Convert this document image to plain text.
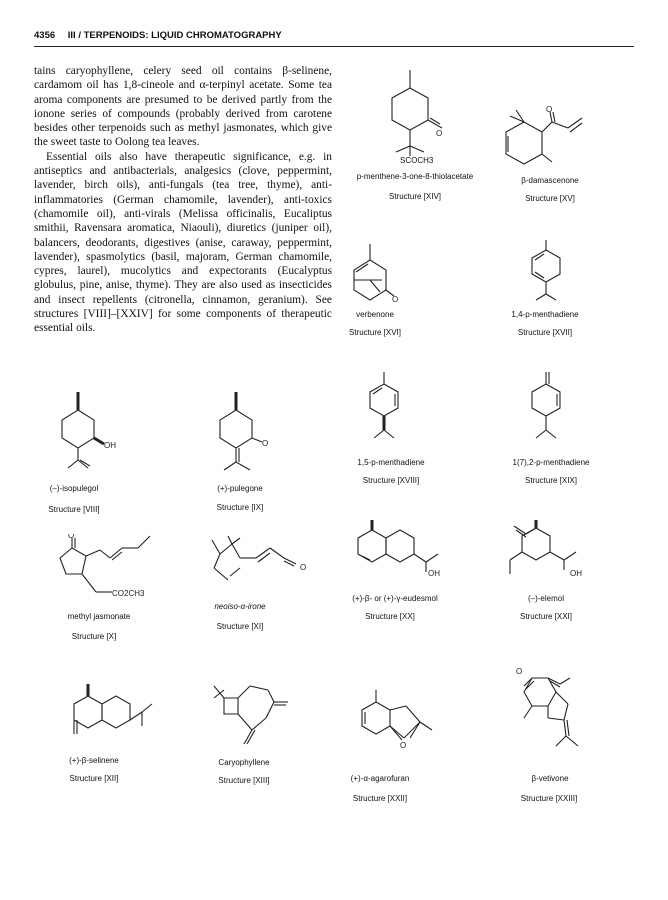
4356 III / TERPENOIDS: LIQUID CHROMATOGRAPHY

tains caryophyllene, celery seed oil contains β-selinene, cardamom oil has 1,8-cineole and α-terpinyl acetate. Some tea aroma components are presumed to be derived partly from the ionone series of compounds (probably derived from carotene besides other terpenoids such as methyl jasmonates, which give the sweet taste to Oolong tea leaves.

Essential oils also have therapeutic significance, e.g. in antiseptics and antibacterials, analgesics (clove, peppermint, lavender, birch oils), anti-fungals (tea tree, thyme), anti-inflammatories (German chamomile, lavender), anti-toxics (chamomile oil), anti-virals (Melissa officinalis, Eucaliptus smithii, Ravensara aromatica, Niaouli), diuretics (juniper oil), balancers, deodorants, digestives (anise, caraway, peppermint, lavender), spasmolytics (basil, majoram, German chamomile, cypres, laurel), mucolytics and expectorants (Eucalyptus globulus, pine, anise, thyme). They are also used as insecticides and insect repellents (citronella, cinnamon, geranium). See structures [VIII]–[XXIV] for some components of therapeutic essential oils.

O
SCOCH3
p-menthene-3-one-8-thiolacetate
Structure [XIV]
O
β-damascenone
Structure [XV]
O
verbenone
Structure [XVI]
1,4-p-menthadiene
Structure [XVII]
OH
(–)-isopulegol
Structure [VIII]
O
(+)-pulegone
Structure [IX]
1,5-p-menthadiene
Structure [XVIII]
1(7),2-p-menthadiene
Structure [XIX]
O
CO2CH3
methyl jasmonate
Structure [X]
O
neoiso-α-irone
Structure [XI]
OH
(+)-β- or (+)-γ-eudesmol
Structure [XX]
OH
(–)-elemol
Structure [XXI]
(+)-β-selinene
Structure [XII]
Caryophyllene
Structure [XIII]
O
(+)-α-agarofuran
Structure [XXII]
O
β-vetivone
Structure [XXIII]
